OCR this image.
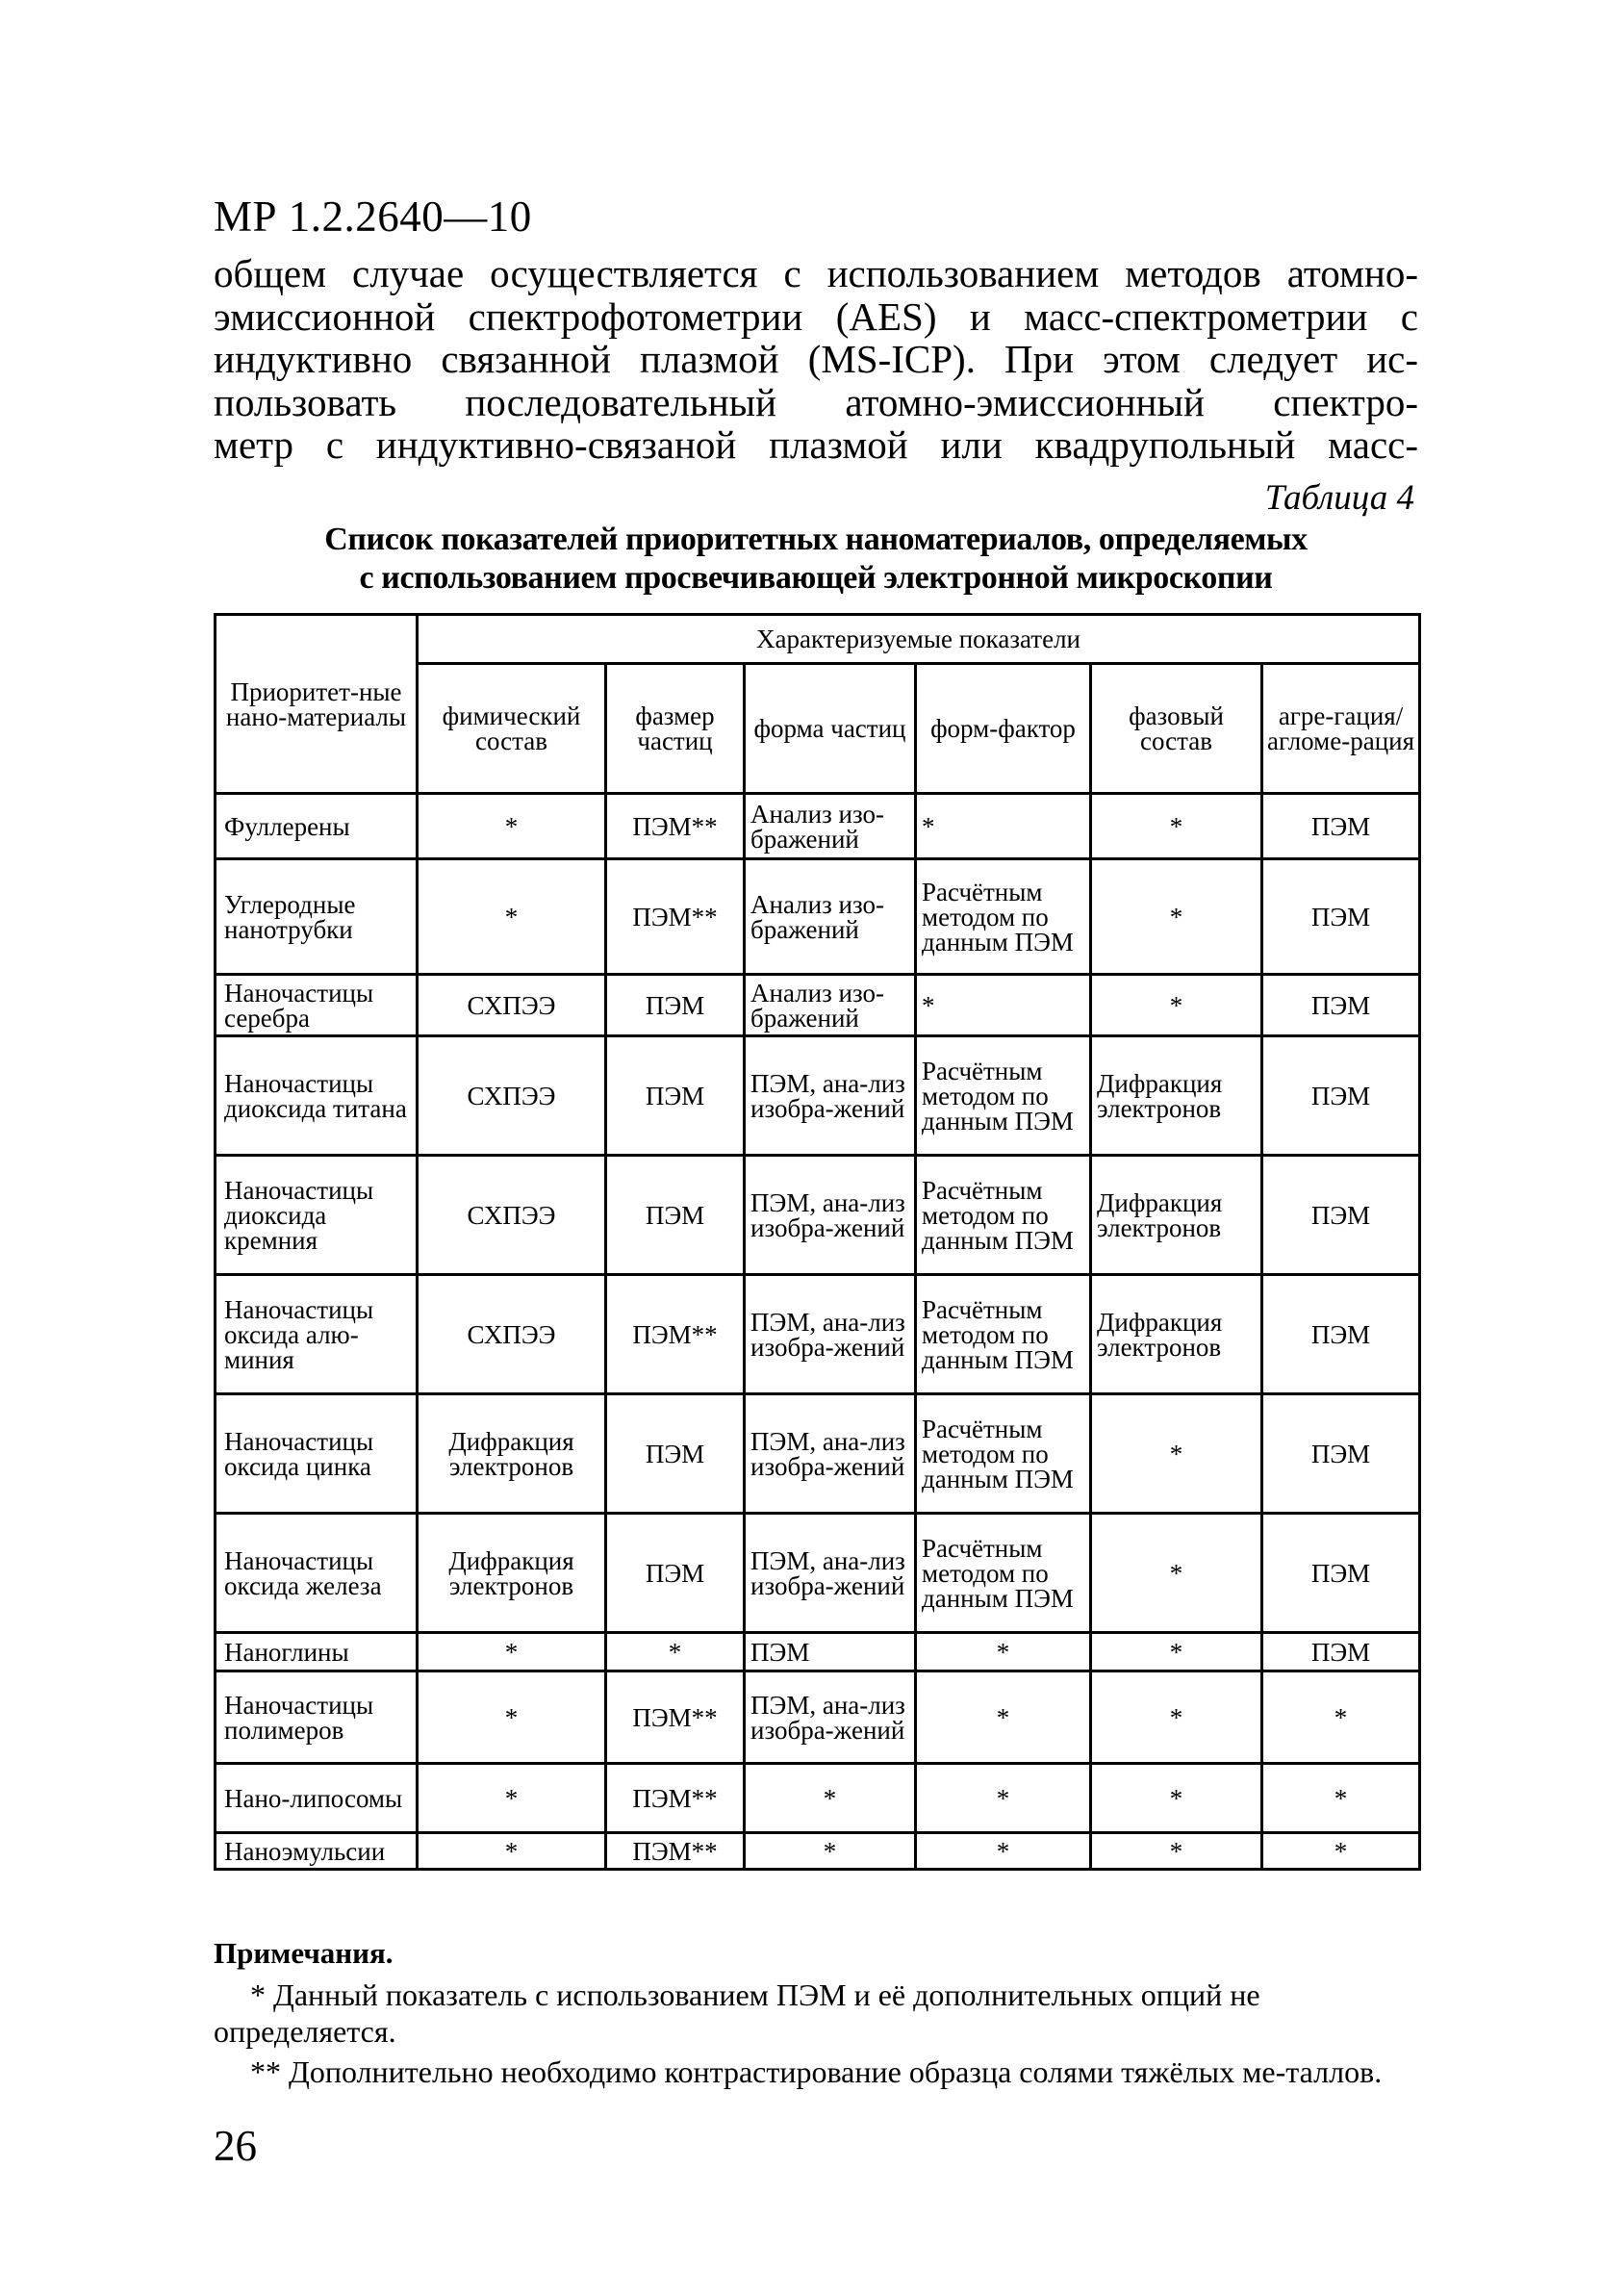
МР 1.2.2640—10
общем случае осуществляется с использованием методов атомно-
эмиссионной спектрофотометрии (AES) и масс-спектрометрии с
индуктивно связанной плазмой (MS-ICP). При этом следует ис-
пользовать последовательный атомно-эмиссионный спектро-
метр с индуктивно-связаной плазмой или квадрупольный масс-
Таблица 4
Список показателей приоритетных наноматериалов, определяемых
с использованием просвечивающей электронной микроскопии
Приоритет-ные нано-материалы	Характеризуемые показатели					
	фимический состав	фазмер частиц	форма частиц	форм-фактор	фазовый состав	агре-гация/ агломе-рация
Фуллерены	*	ПЭМ**	Анализ изо-бражений	*	*	ПЭМ
Углеродные нанотрубки	*	ПЭМ**	Анализ изо-бражений	Расчётным методом по данным ПЭМ	*	ПЭМ
Наночастицы серебра	СХПЭЭ	ПЭМ	Анализ изо-бражений	*	*	ПЭМ
Наночастицы диоксида титана	СХПЭЭ	ПЭМ	ПЭМ, ана-лиз изобра-жений	Расчётным методом по данным ПЭМ	Дифракция электронов	ПЭМ
Наночастицы диоксида кремния	СХПЭЭ	ПЭМ	ПЭМ, ана-лиз изобра-жений	Расчётным методом по данным ПЭМ	Дифракция электронов	ПЭМ
Наночастицы оксида алю-миния	СХПЭЭ	ПЭМ**	ПЭМ, ана-лиз изобра-жений	Расчётным методом по данным ПЭМ	Дифракция электронов	ПЭМ
Наночастицы оксида цинка	Дифракция электронов	ПЭМ	ПЭМ, ана-лиз изобра-жений	Расчётным методом по данным ПЭМ	*	ПЭМ
Наночастицы оксида железа	Дифракция электронов	ПЭМ	ПЭМ, ана-лиз изобра-жений	Расчётным методом по данным ПЭМ	*	ПЭМ
Наноглины	*	*	ПЭМ	*	*	ПЭМ
Наночастицы полимеров	*	ПЭМ**	ПЭМ, ана-лиз изобра-жений	*	*	*
Нано-липосомы	*	ПЭМ**	*	*	*	*
Наноэмульсии	*	ПЭМ**	*	*	*	*
Примечания.
* Данный показатель с использованием ПЭМ и её дополнительных опций не определяется.
** Дополнительно необходимо контрастирование образца солями тяжёлых ме-таллов.
26
